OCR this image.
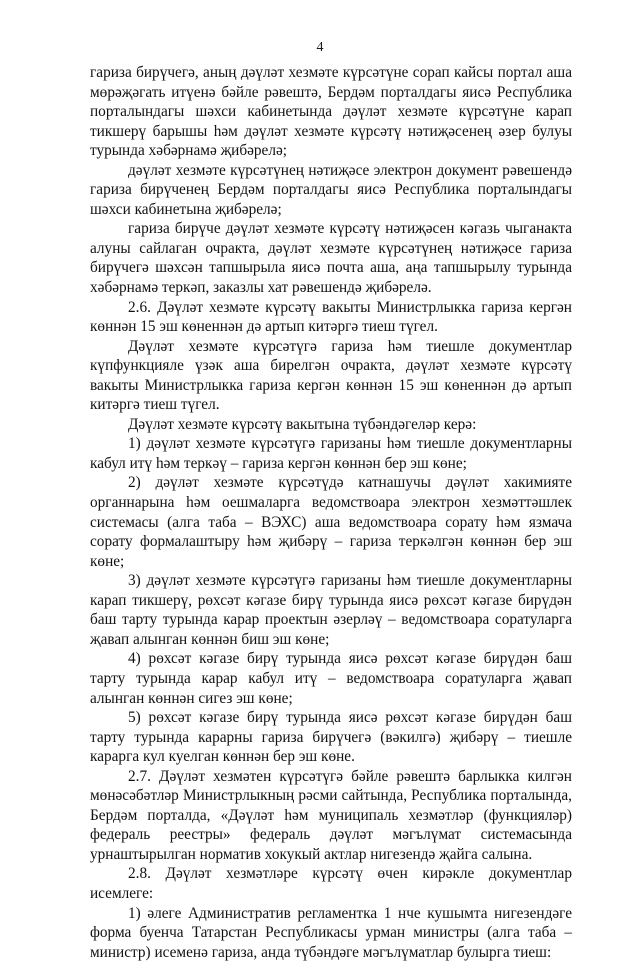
4

гариза бирүчегә, аның дәүләт хезмәте күрсәтүне сорап кайсы портал аша мөрәҗәгать итүенә бәйле рәвештә, Бердәм порталдагы яисә Республика порталындагы шәхси кабинетында дәүләт хезмәте күрсәтүне карап тикшерү барышы һәм дәүләт хезмәте күрсәтү нәтиҗәсенең әзер булуы турында хәбәрнамә җибәрелә;

дәүләт хезмәте күрсәтүнең нәтиҗәсе электрон документ рәвешендә гариза бирүченең Бердәм порталдагы яисә Республика порталындагы шәхси кабинетына җибәрелә;

гариза бирүче дәүләт хезмәте күрсәтү нәтиҗәсен кәгазь чыганакта алуны сайлаган очракта, дәүләт хезмәте күрсәтүнең нәтиҗәсе гариза бирүчегә шәхсән тапшырыла яисә почта аша, аңа тапшырылу турында хәбәрнамә теркәп, заказлы хат рәвешендә җибәрелә.

2.6. Дәүләт хезмәте күрсәтү вакыты Министрлыкка гариза кергән көннән 15 эш көненнән дә артып китәргә тиеш түгел.

Дәүләт хезмәте күрсәтүгә гариза һәм тиешле документлар күпфункцияле үзәк аша бирелгән очракта, дәүләт хезмәте күрсәтү вакыты Министрлыкка гариза кергән көннән 15 эш көненнән дә артып китәргә тиеш түгел.

Дәүләт хезмәте күрсәтү вакытына түбәндәгеләр керә:

1) дәүләт хезмәте күрсәтүгә гаризаны һәм тиешле документларны кабул итү һәм теркәү – гариза кергән көннән бер эш көне;

2) дәүләт хезмәте күрсәтүдә катнашучы дәүләт хакимияте органнарына һәм оешмаларга ведомствоара электрон хезмәттәшлек системасы (алга таба – ВЭХС) аша ведомствоара сорату һәм язмача сорату формалаштыру һәм җибәрү – гариза теркәлгән көннән бер эш көне;

3) дәүләт хезмәте күрсәтүгә гаризаны һәм тиешле документларны карап тикшерү, рөхсәт кәгазе бирү турында яисә рөхсәт кәгазе бирүдән баш тарту турында карар проектын әзерләү – ведомствоара соратуларга җавап алынган көннән биш эш көне;

4) рөхсәт кәгазе бирү турында яисә рөхсәт кәгазе бирүдән баш тарту турында карар кабул итү – ведомствоара соратуларга җавап алынган көннән сигез эш көне;

5) рөхсәт кәгазе бирү турында яисә рөхсәт кәгазе бирүдән баш тарту турында карарны гариза бирүчегә (вәкилгә) җибәрү – тиешле карарга кул куелган көннән бер эш көне.

2.7. Дәүләт хезмәтен күрсәтүгә бәйле рәвештә барлыкка килгән мөнәсәбәтләр Министрлыкның рәсми сайтында, Республика порталында, Бердәм порталда, «Дәүләт һәм муниципаль хезмәтләр (функцияләр) федераль реестры» федераль дәүләт мәгълүмат системасында урнаштырылган норматив хокукый актлар нигезендә җайга салына.

2.8. Дәүләт хезмәтләре күрсәтү өчен кирәкле документлар исемлеге:

1) әлеге Административ регламентка 1 нче кушымта нигезендәге форма буенча Татарстан Республикасы урман министры (алга таба – министр) исеменә гариза, анда түбәндәге мәгълүматлар булырга тиеш:
